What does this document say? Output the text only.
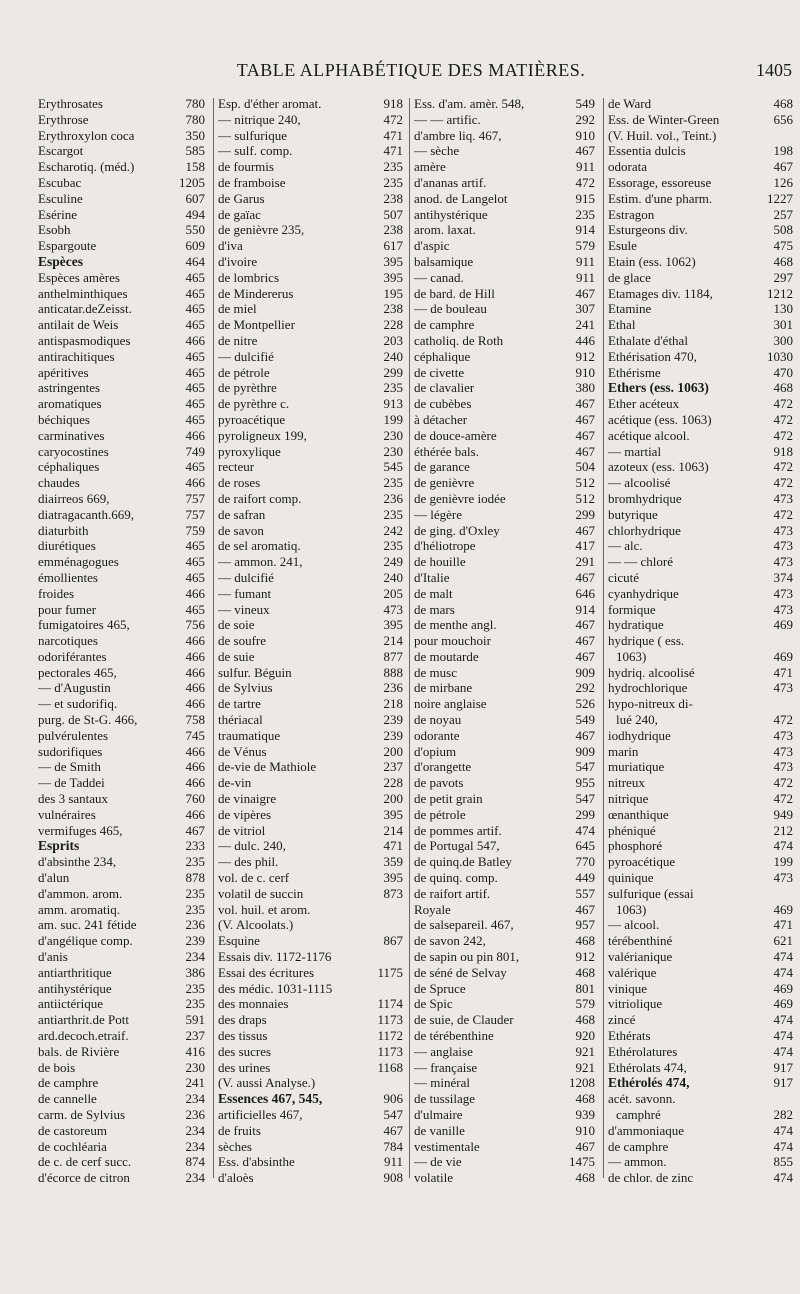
TABLE ALPHABÉTIQUE DES MATIÈRES.	1405
Erythrosates	780
Erythrose	780
Erythroxylon coca	350
Escargot	585
Escharotiq. (méd.)	158
Escubac	1205
Esculine	607
Esérine	494
Esobh	550
Espargoute	609
Espèces	464
Espèces amères	465
anthelminthiques	465
anticatar.deZeisst.	465
antilait de Weis	465
antispasmodiques	466
antirachitiques	465
apéritives	465
astringentes	465
aromatiques	465
béchiques	465
carminatives	466
caryocostines	749
céphaliques	465
chaudes	466
diairreos 669,	757
diatragacanth.669,	757
diaturbith	759
diurétiques	465
emménagogues	465
émollientes	465
froides	466
pour fumer	465
fumigatoires 465,	756
narcotiques	466
odoriférantes	466
pectorales 465,	466
— d'Augustin	466
— et sudorifiq.	466
purg. de St-G. 466,	758
pulvérulentes	745
sudorifiques	466
— de Smith	466
— de Taddei	466
des 3 santaux	760
vulnéraires	466
vermifuges 465,	467
Esprits	233
d'absinthe 234,	235
d'alun	878
d'ammon. arom.	235
amm. aromatiq.	235
am. suc. 241 fétide	236
d'angélique comp.	239
d'anis	234
antiarthritique	386
antihystérique	235
antiictérique	235
antiarthrit.de Pott	591
ard.decoch.etraif.	237
bals. de Rivière	416
de bois	230
de camphre	241
de cannelle	234
carm. de Sylvius	236
de castoreum	234
de cochléaria	234
de c. de cerf succ.	874
d'écorce de citron	234
Esp. d'éther aromat.	918
— nitrique 240,	472
— sulfurique	471
— sulf. comp.	471
de fourmis	235
de framboise	235
de Garus	238
de gaïac	507
de genièvre 235,	238
d'iva	617
d'ivoire	395
de lombrics	395
de Mindererus	195
de miel	238
de Montpellier	228
de nitre	203
— dulcifié	240
de pétrole	299
de pyrèthre	235
de pyrèthre c.	913
pyroacétique	199
pyroligneux 199,	230
pyroxylique	230
recteur	545
de roses	235
de raifort comp.	236
de safran	235
de savon	242
de sel aromatiq.	235
— ammon. 241,	249
— dulcifié	240
— fumant	205
— vineux	473
de soie	395
de soufre	214
de suie	877
sulfur. Béguin	888
de Sylvius	236
de tartre	218
thériacal	239
traumatique	239
de Vénus	200
de-vie de Mathiole	237
de-vin	228
de vinaigre	200
de vipères	395
de vitriol	214
— dulc. 240,	471
— des phil.	359
vol. de c. cerf	395
volatil de succin	873
vol. huil. et arom.
(V. Alcoolats.)
Esquine	867
Essais div. 1172-1176
Essai des écritures	1175
des médic. 1031-1115
des monnaies	1174
des draps	1173
des tissus	1172
des sucres	1173
des urines	1168
(V. aussi Analyse.)
Essences 467, 545,	906
artificielles 467,	547
de fruits	467
sèches	784
Ess. d'absinthe	911
d'aloès	908
Ess. d'am. amèr. 548,	549
— — artific.	292
d'ambre liq. 467,	910
— sèche	467
amère	911
d'ananas artif.	472
anod. de Langelot	915
antihystérique	235
arom. laxat.	914
d'aspic	579
balsamique	911
— canad.	911
de bard. de Hill	467
— de bouleau	307
de camphre	241
catholiq. de Roth	446
céphalique	912
de civette	910
de clavalier	380
de cubèbes	467
à détacher	467
de douce-amère	467
éthérée bals.	467
de garance	504
de genièvre	512
de genièvre iodée	512
— légère	299
de ging. d'Oxley	467
d'héliotrope	417
de houille	291
d'Italie	467
de malt	646
de mars	914
de menthe angl.	467
pour mouchoir	467
de moutarde	467
de musc	909
de mirbane	292
noire anglaise	526
de noyau	549
odorante	467
d'opium	909
d'orangette	547
de pavots	955
de petit grain	547
de pétrole	299
de pommes artif.	474
de Portugal 547,	645
de quinq.de Batley	770
de quinq. comp.	449
de raifort artif.	557
Royale	467
de salsepareil. 467,	957
de savon 242,	468
de sapin ou pin 801,	912
de séné de Selvay	468
de Spruce	801
de Spic	579
de suie, de Clauder	468
de térébenthine	920
— anglaise	921
— française	921
— minéral	1208
de tussilage	468
d'ulmaire	939
de vanille	910
vestimentale	467
— de vie	1475
volatile	468
de Ward	468
Ess. de Winter-Green	656
(V. Huil. vol., Teint.)
Essentia dulcis	198
odorata	467
Essorage, essoreuse	126
Estim. d'une pharm.	1227
Estragon	257
Esturgeons div.	508
Esule	475
Etain (ess. 1062)	468
de glace	297
Etamages div. 1184,	1212
Etamine	130
Ethal	301
Ethalate d'éthal	300
Ethérisation 470,	1030
Ethérisme	470
Ethers (ess. 1063)	468
Ether acéteux	472
acétique (ess. 1063)	472
acétique alcool.	472
— martial	918
azoteux (ess. 1063)	472
— alcoolisé	472
bromhydrique	473
butyrique	472
chlorhydrique	473
— alc.	473
— — chloré	473
cicuté	374
cyanhydrique	473
formique	473
hydratique	469
hydrique ( ess.
1063)	469
hydriq. alcoolisé	471
hydrochlorique	473
hypo-nitreux di-
lué 240,	472
iodhydrique	473
marin	473
muriatique	473
nitreux	472
nitrique	472
œnanthique	949
phéniqué	212
phosphoré	474
pyroacétique	199
quinique	473
sulfurique (essai
1063)	469
— alcool.	471
térébenthiné	621
valérianique	474
valérique	474
vinique	469
vitriolique	469
zincé	474
Ethérats	474
Ethérolatures	474
Ethérolats 474,	917
Ethérolés 474,	917
acét. savonn.
camphré	282
d'ammoniaque	474
de camphre	474
— ammon.	855
de chlor. de zinc	474
